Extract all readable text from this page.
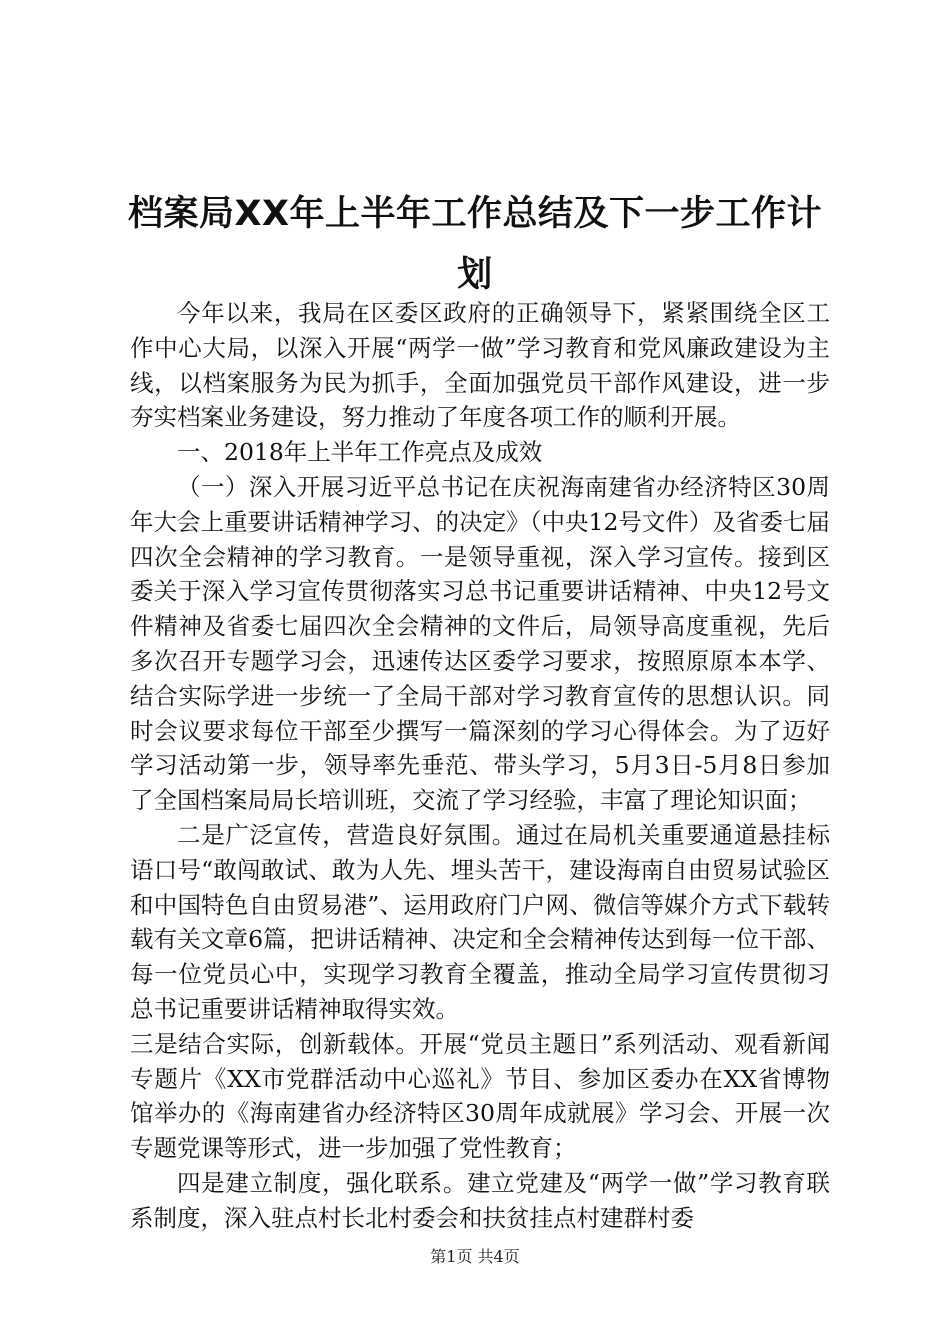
档案局XX年上半年工作总结及下一步工作计划

今年以来，我局在区委区政府的正确领导下，紧紧围绕全区工作中心大局，以深入开展“两学一做”学习教育和党风廉政建设为主线，以档案服务为民为抓手，全面加强党员干部作风建设，进一步夯实档案业务建设，努力推动了年度各项工作的顺利开展。

一、2018年上半年工作亮点及成效

（一）深入开展习近平总书记在庆祝海南建省办经济特区30周年大会上重要讲话精神学习、的决定》（中央12号文件）及省委七届四次全会精神的学习教育。一是领导重视，深入学习宣传。接到区委关于深入学习宣传贯彻落实习总书记重要讲话精神、中央12号文件精神及省委七届四次全会精神的文件后，局领导高度重视，先后多次召开专题学习会，迅速传达区委学习要求，按照原原本本学、结合实际学进一步统一了全局干部对学习教育宣传的思想认识。同时会议要求每位干部至少撰写一篇深刻的学习心得体会。为了迈好学习活动第一步，领导率先垂范、带头学习，5月3日-5月8日参加了全国档案局局长培训班，交流了学习经验，丰富了理论知识面；

二是广泛宣传，营造良好氛围。通过在局机关重要通道悬挂标语口号“敢闯敢试、敢为人先、埋头苦干，建设海南自由贸易试验区和中国特色自由贸易港”、运用政府门户网、微信等媒介方式下载转载有关文章6篇，把讲话精神、决定和全会精神传达到每一位干部、每一位党员心中，实现学习教育全覆盖，推动全局学习宣传贯彻习总书记重要讲话精神取得实效。

三是结合实际，创新载体。开展“党员主题日”系列活动、观看新闻专题片《XX市党群活动中心巡礼》节目、参加区委办在XX省博物馆举办的《海南建省办经济特区30周年成就展》学习会、开展一次专题党课等形式，进一步加强了党性教育；

四是建立制度，强化联系。建立党建及“两学一做”学习教育联系制度，深入驻点村长北村委会和扶贫挂点村建群村委

第1页 共4页
